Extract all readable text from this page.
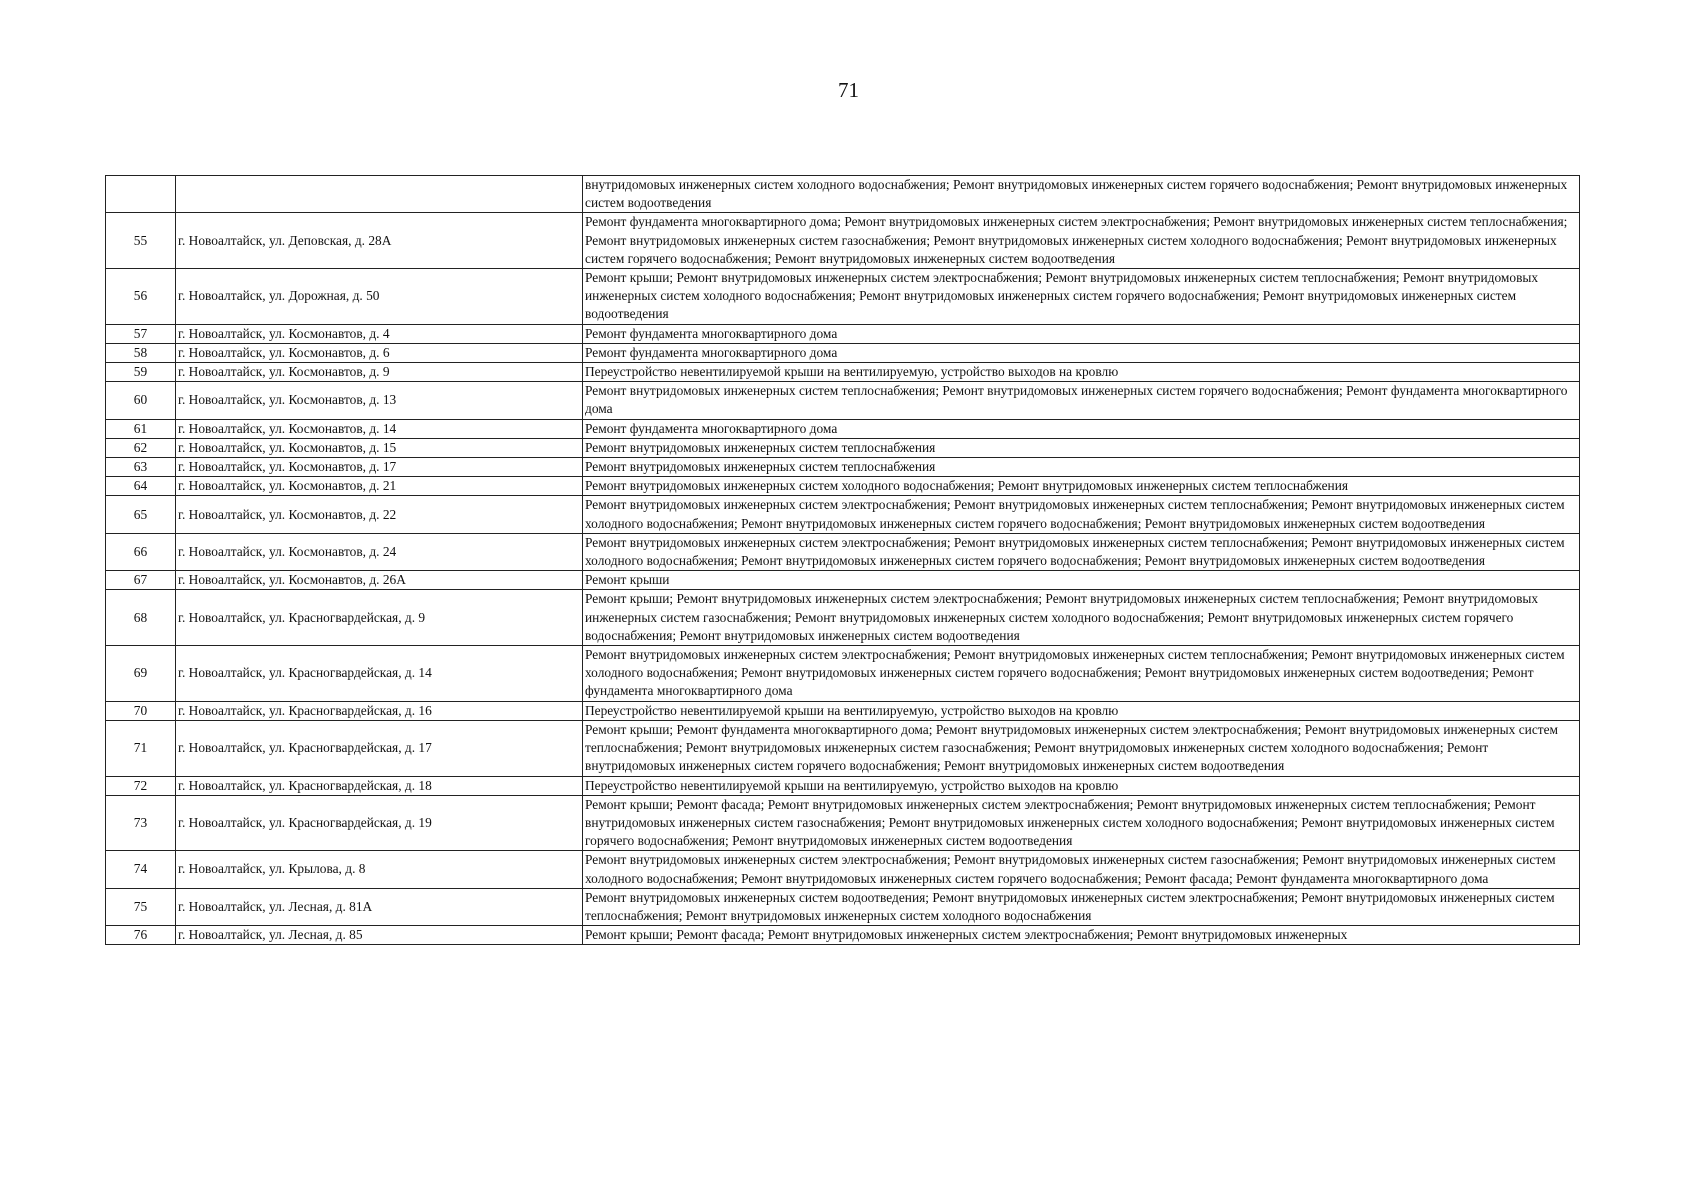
71
		внутридомовых инженерных систем холодного водоснабжения; Ремонт внутридомовых инженерных систем горячего водоснабжения; Ремонт внутридомовых инженерных систем водоотведения
55	г. Новоалтайск, ул. Деповская, д. 28А	Ремонт фундамента многоквартирного дома; Ремонт внутридомовых инженерных систем электроснабжения; Ремонт внутридомовых инженерных систем теплоснабжения; Ремонт внутридомовых инженерных систем газоснабжения; Ремонт внутридомовых инженерных систем холодного водоснабжения; Ремонт внутридомовых инженерных систем горячего водоснабжения; Ремонт внутридомовых инженерных систем водоотведения
56	г. Новоалтайск, ул. Дорожная, д. 50	Ремонт крыши; Ремонт внутридомовых инженерных систем электроснабжения; Ремонт внутридомовых инженерных систем теплоснабжения; Ремонт внутридомовых инженерных систем холодного водоснабжения; Ремонт внутридомовых инженерных систем горячего водоснабжения; Ремонт внутридомовых инженерных систем водоотведения
57	г. Новоалтайск, ул. Космонавтов, д. 4	Ремонт фундамента многоквартирного дома
58	г. Новоалтайск, ул. Космонавтов, д. 6	Ремонт фундамента многоквартирного дома
59	г. Новоалтайск, ул. Космонавтов, д. 9	Переустройство невентилируемой крыши на вентилируемую, устройство выходов на кровлю
60	г. Новоалтайск, ул. Космонавтов, д. 13	Ремонт внутридомовых инженерных систем теплоснабжения; Ремонт внутридомовых инженерных систем горячего водоснабжения; Ремонт фундамента многоквартирного дома
61	г. Новоалтайск, ул. Космонавтов, д. 14	Ремонт фундамента многоквартирного дома
62	г. Новоалтайск, ул. Космонавтов, д. 15	Ремонт внутридомовых инженерных систем теплоснабжения
63	г. Новоалтайск, ул. Космонавтов, д. 17	Ремонт внутридомовых инженерных систем теплоснабжения
64	г. Новоалтайск, ул. Космонавтов, д. 21	Ремонт внутридомовых инженерных систем холодного водоснабжения; Ремонт внутридомовых инженерных систем теплоснабжения
65	г. Новоалтайск, ул. Космонавтов, д. 22	Ремонт внутридомовых инженерных систем электроснабжения; Ремонт внутридомовых инженерных систем теплоснабжения; Ремонт внутридомовых инженерных систем холодного водоснабжения; Ремонт внутридомовых инженерных систем горячего водоснабжения; Ремонт внутридомовых инженерных систем водоотведения
66	г. Новоалтайск, ул. Космонавтов, д. 24	Ремонт внутридомовых инженерных систем электроснабжения; Ремонт внутридомовых инженерных систем теплоснабжения; Ремонт внутридомовых инженерных систем холодного водоснабжения; Ремонт внутридомовых инженерных систем горячего водоснабжения; Ремонт внутридомовых инженерных систем водоотведения
67	г. Новоалтайск, ул. Космонавтов, д. 26А	Ремонт крыши
68	г. Новоалтайск, ул. Красногвардейская, д. 9	Ремонт крыши; Ремонт внутридомовых инженерных систем электроснабжения; Ремонт внутридомовых инженерных систем теплоснабжения; Ремонт внутридомовых инженерных систем газоснабжения; Ремонт внутридомовых инженерных систем холодного водоснабжения; Ремонт внутридомовых инженерных систем горячего водоснабжения; Ремонт внутридомовых инженерных систем водоотведения
69	г. Новоалтайск, ул. Красногвардейская, д. 14	Ремонт внутридомовых инженерных систем электроснабжения; Ремонт внутридомовых инженерных систем теплоснабжения; Ремонт внутридомовых инженерных систем холодного водоснабжения; Ремонт внутридомовых инженерных систем горячего водоснабжения; Ремонт внутридомовых инженерных систем водоотведения; Ремонт фундамента многоквартирного дома
70	г. Новоалтайск, ул. Красногвардейская, д. 16	Переустройство невентилируемой крыши на вентилируемую, устройство выходов на кровлю
71	г. Новоалтайск, ул. Красногвардейская, д. 17	Ремонт крыши; Ремонт фундамента многоквартирного дома; Ремонт внутридомовых инженерных систем электроснабжения; Ремонт внутридомовых инженерных систем теплоснабжения; Ремонт внутридомовых инженерных систем газоснабжения; Ремонт внутридомовых инженерных систем холодного водоснабжения; Ремонт внутридомовых инженерных систем горячего водоснабжения; Ремонт внутридомовых инженерных систем водоотведения
72	г. Новоалтайск, ул. Красногвардейская, д. 18	Переустройство невентилируемой крыши на вентилируемую, устройство выходов на кровлю
73	г. Новоалтайск, ул. Красногвардейская, д. 19	Ремонт крыши; Ремонт фасада; Ремонт внутридомовых инженерных систем электроснабжения; Ремонт внутридомовых инженерных систем теплоснабжения; Ремонт внутридомовых инженерных систем газоснабжения; Ремонт внутридомовых инженерных систем холодного водоснабжения; Ремонт внутридомовых инженерных систем горячего водоснабжения; Ремонт внутридомовых инженерных систем водоотведения
74	г. Новоалтайск, ул. Крылова, д. 8	Ремонт внутридомовых инженерных систем электроснабжения; Ремонт внутридомовых инженерных систем газоснабжения; Ремонт внутридомовых инженерных систем холодного водоснабжения; Ремонт внутридомовых инженерных систем горячего водоснабжения; Ремонт фасада; Ремонт фундамента многоквартирного дома
75	г. Новоалтайск, ул. Лесная, д. 81А	Ремонт внутридомовых инженерных систем водоотведения; Ремонт внутридомовых инженерных систем электроснабжения; Ремонт внутридомовых инженерных систем теплоснабжения; Ремонт внутридомовых инженерных систем холодного водоснабжения
76	г. Новоалтайск, ул. Лесная, д. 85	Ремонт крыши; Ремонт фасада; Ремонт внутридомовых инженерных систем электроснабжения; Ремонт внутридомовых инженерных
